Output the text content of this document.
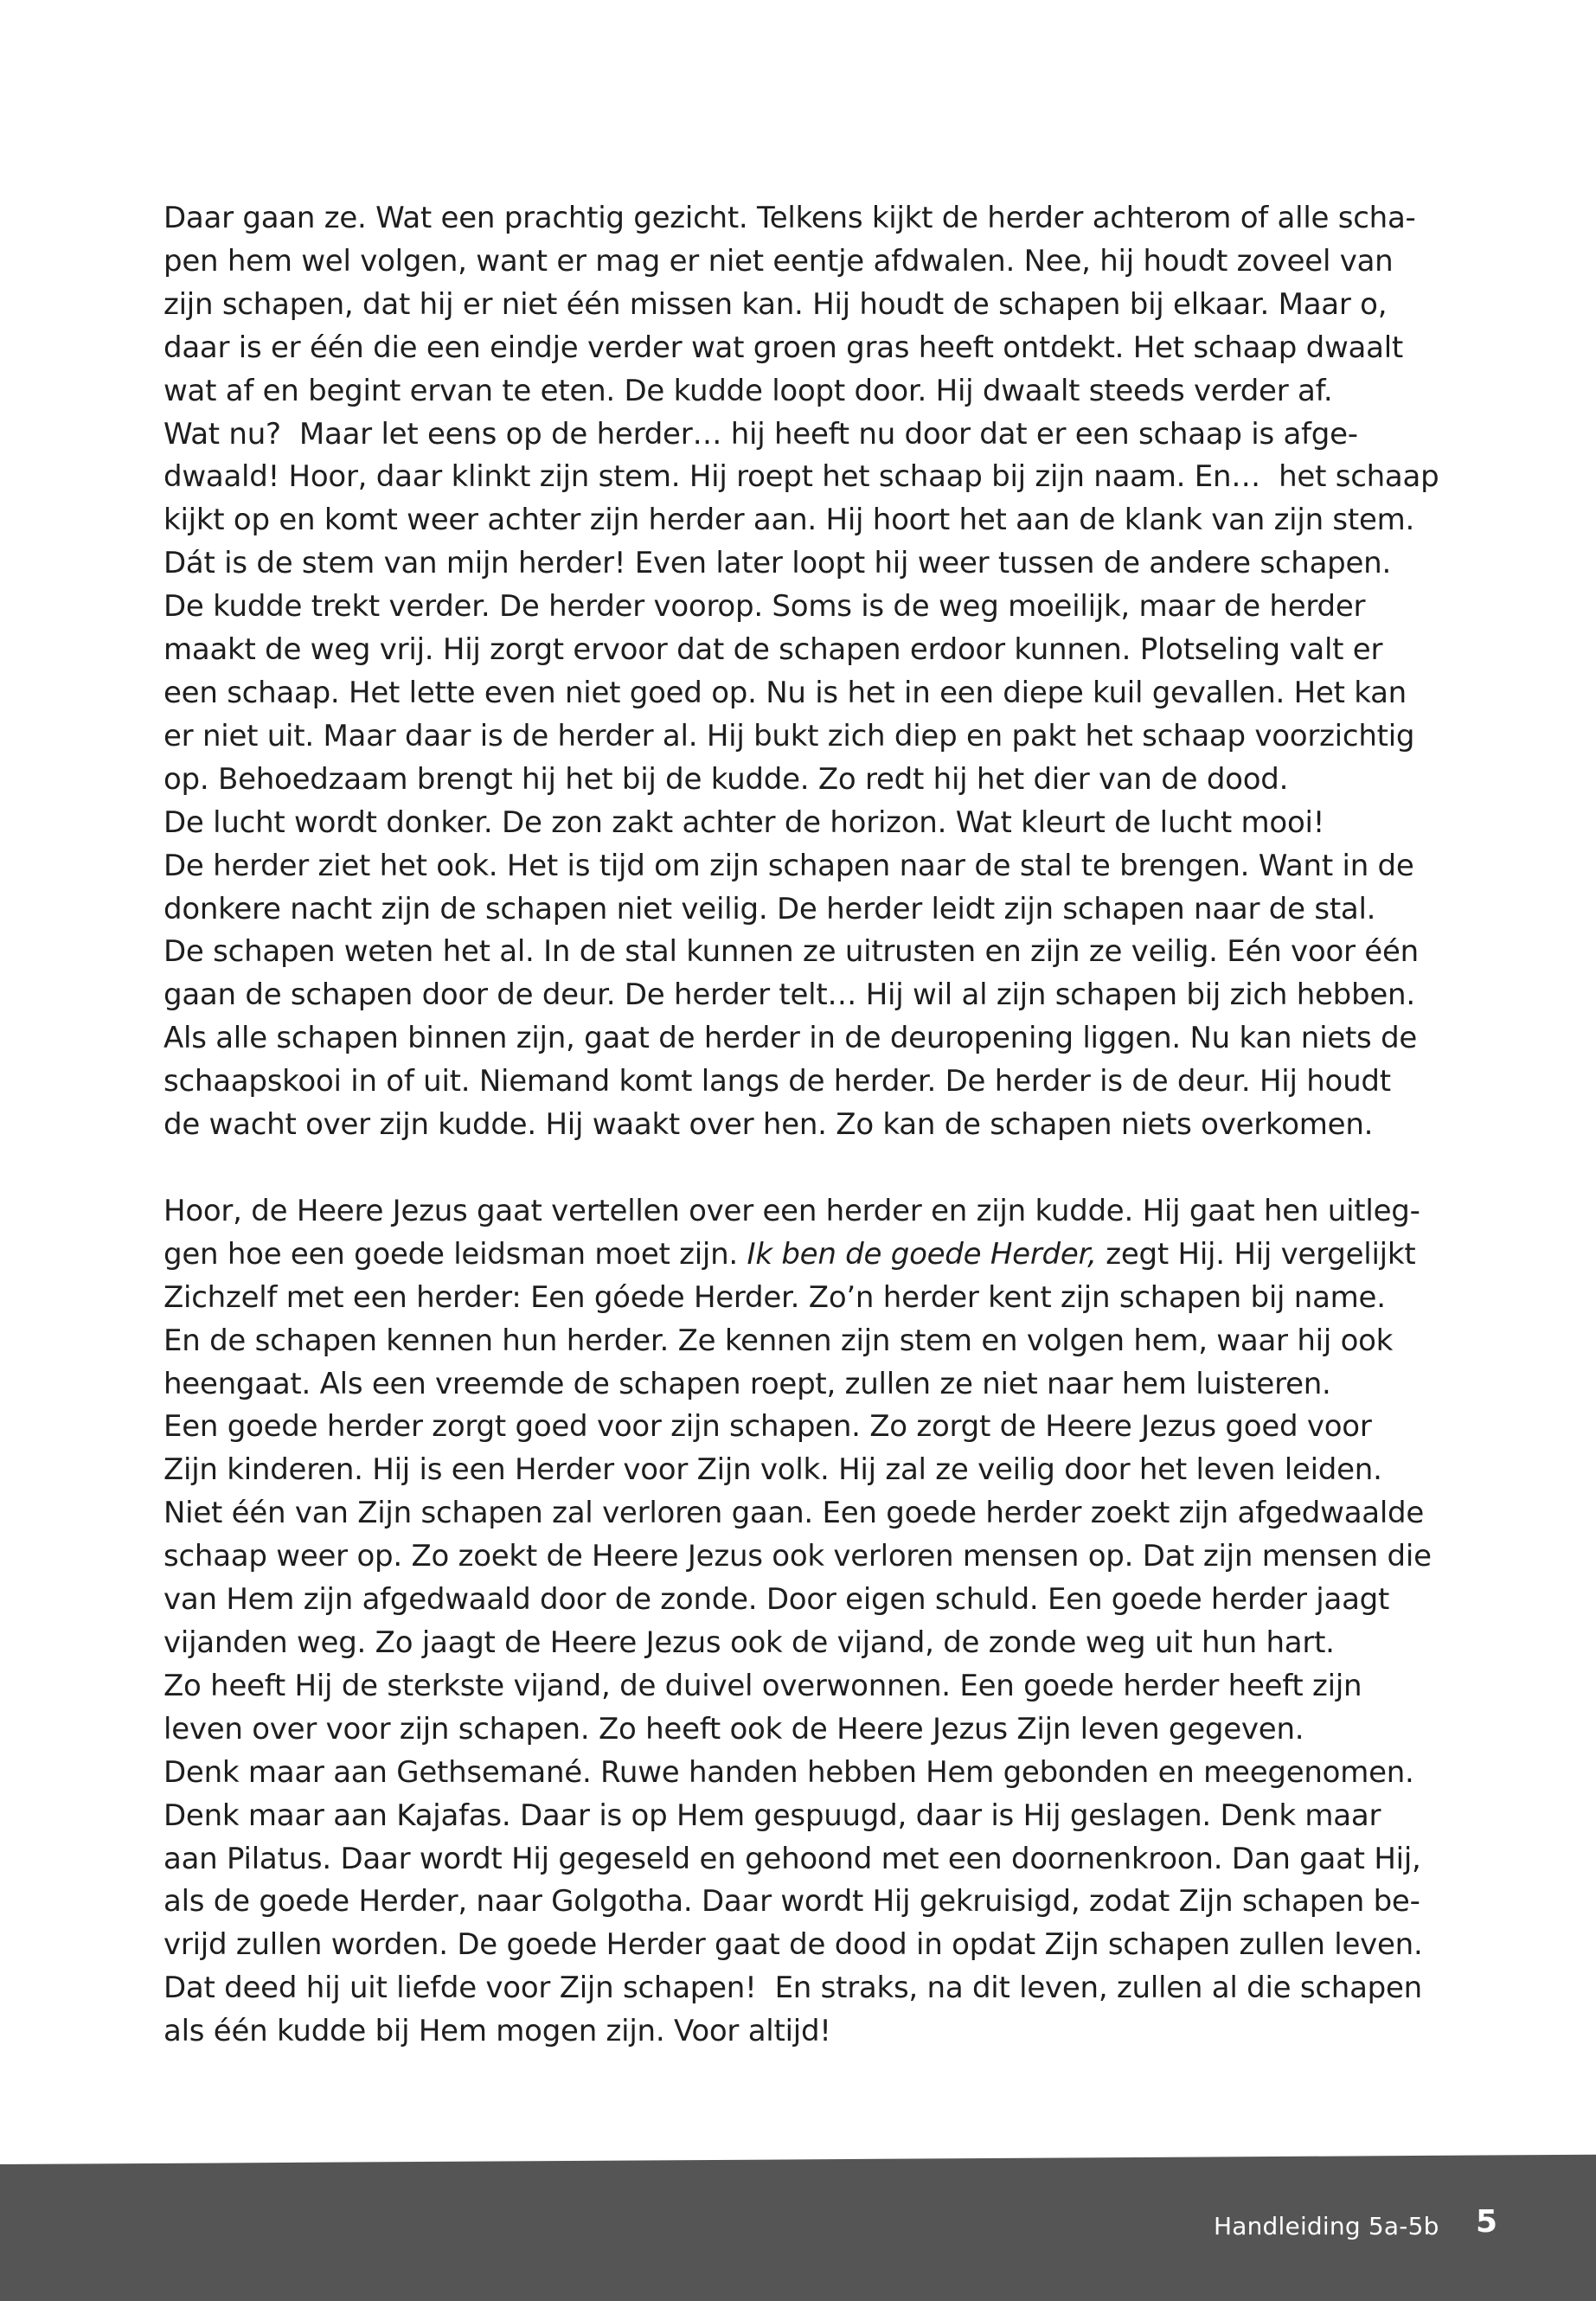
Daar gaan ze. Wat een prachtig gezicht. Telkens kijkt de herder achterom of alle scha-
pen hem wel volgen, want er mag er niet eentje afdwalen. Nee, hij houdt zoveel van
zijn schapen, dat hij er niet één missen kan. Hij houdt de schapen bij elkaar. Maar o,
daar is er één die een eindje verder wat groen gras heeft ontdekt. Het schaap dwaalt
wat af en begint ervan te eten. De kudde loopt door. Hij dwaalt steeds verder af.
Wat nu?  Maar let eens op de herder… hij heeft nu door dat er een schaap is afge-
dwaald! Hoor, daar klinkt zijn stem. Hij roept het schaap bij zijn naam. En…  het schaap
kijkt op en komt weer achter zijn herder aan. Hij hoort het aan de klank van zijn stem.
Dát is de stem van mijn herder! Even later loopt hij weer tussen de andere schapen.
De kudde trekt verder. De herder voorop. Soms is de weg moeilijk, maar de herder
maakt de weg vrij. Hij zorgt ervoor dat de schapen erdoor kunnen. Plotseling valt er
een schaap. Het lette even niet goed op. Nu is het in een diepe kuil gevallen. Het kan
er niet uit. Maar daar is de herder al. Hij bukt zich diep en pakt het schaap voorzichtig
op. Behoedzaam brengt hij het bij de kudde. Zo redt hij het dier van de dood.
De lucht wordt donker. De zon zakt achter de horizon. Wat kleurt de lucht mooi!
De herder ziet het ook. Het is tijd om zijn schapen naar de stal te brengen. Want in de
donkere nacht zijn de schapen niet veilig. De herder leidt zijn schapen naar de stal.
De schapen weten het al. In de stal kunnen ze uitrusten en zijn ze veilig. Eén voor één
gaan de schapen door de deur. De herder telt… Hij wil al zijn schapen bij zich hebben.
Als alle schapen binnen zijn, gaat de herder in de deuropening liggen. Nu kan niets de
schaapskooi in of uit. Niemand komt langs de herder. De herder is de deur. Hij houdt
de wacht over zijn kudde. Hij waakt over hen. Zo kan de schapen niets overkomen.
Hoor, de Heere Jezus gaat vertellen over een herder en zijn kudde. Hij gaat hen uitleg-
gen hoe een goede leidsman moet zijn. Ik ben de goede Herder, zegt Hij. Hij vergelijkt
Zichzelf met een herder: Een góede Herder. Zo’n herder kent zijn schapen bij name.
En de schapen kennen hun herder. Ze kennen zijn stem en volgen hem, waar hij ook
heengaat. Als een vreemde de schapen roept, zullen ze niet naar hem luisteren.
Een goede herder zorgt goed voor zijn schapen. Zo zorgt de Heere Jezus goed voor
Zijn kinderen. Hij is een Herder voor Zijn volk. Hij zal ze veilig door het leven leiden.
Niet één van Zijn schapen zal verloren gaan. Een goede herder zoekt zijn afgedwaalde
schaap weer op. Zo zoekt de Heere Jezus ook verloren mensen op. Dat zijn mensen die
van Hem zijn afgedwaald door de zonde. Door eigen schuld. Een goede herder jaagt
vijanden weg. Zo jaagt de Heere Jezus ook de vijand, de zonde weg uit hun hart.
Zo heeft Hij de sterkste vijand, de duivel overwonnen. Een goede herder heeft zijn
leven over voor zijn schapen. Zo heeft ook de Heere Jezus Zijn leven gegeven.
Denk maar aan Gethsemané. Ruwe handen hebben Hem gebonden en meegenomen.
Denk maar aan Kajafas. Daar is op Hem gespuugd, daar is Hij geslagen. Denk maar
aan Pilatus. Daar wordt Hij gegeseld en gehoond met een doornenkroon. Dan gaat Hij,
als de goede Herder, naar Golgotha. Daar wordt Hij gekruisigd, zodat Zijn schapen be-
vrijd zullen worden. De goede Herder gaat de dood in opdat Zijn schapen zullen leven.
Dat deed hij uit liefde voor Zijn schapen!  En straks, na dit leven, zullen al die schapen
als één kudde bij Hem mogen zijn. Voor altijd!
Handleiding 5a-5b 5
